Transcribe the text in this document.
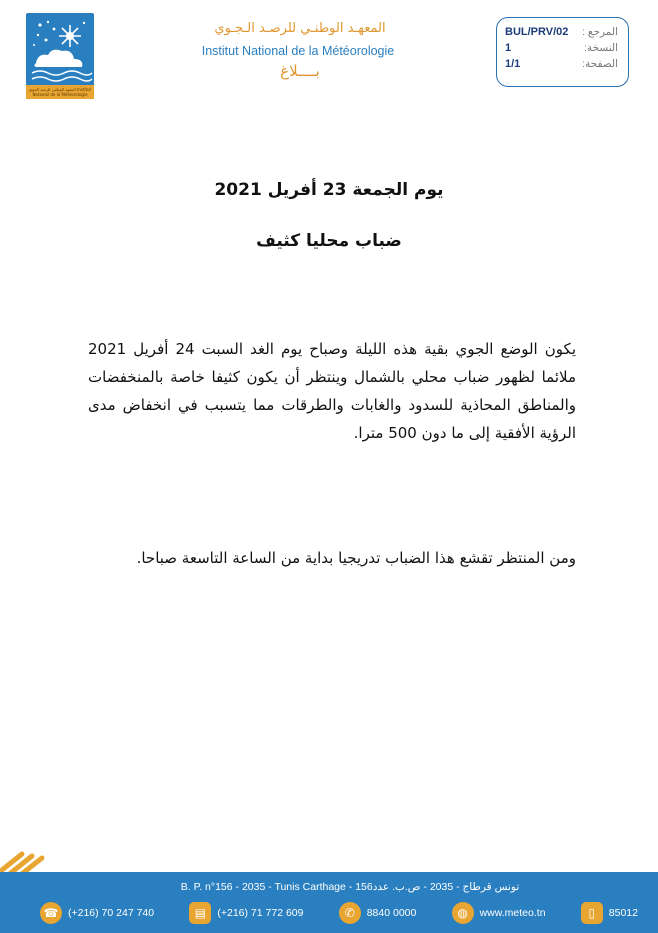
المعهد الوطني للرصد الجوي Institut National de la Météorologie
المعهـد الوطنـي للرصـد الـجـوي
Institut National de la Météorologie
بــــلاغ
BUL/PRV/02 المرجع :
1	النسخة:
1/1	الصفحة:
يوم الجمعة 23 أفريل 2021
ضباب محليا كثيف
يكون الوضع الجوي بقية هذه الليلة وصباح يوم الغد السبت 24 أفريل 2021 ملائما لظهور ضباب محلي بالشمال وينتظر أن يكون كثيفا خاصة بالمنخفضات والمناطق المحاذية للسدود والغابات والطرقات مما يتسبب في انخفاض مدى الرؤية الأفقية إلى ما دون 500 مترا.
ومن المنتظر تقشع هذا الضباب تدريجيا بداية من الساعة التاسعة صباحا.
B. P. n°156 - 2035 - Tunis Carthage - تونس قرطاج - 2035 - ص.ب. عدد156
☎ (+216) 70 247 740	▤	(+216) 71 772 609	✆	8840 0000	◍	www.meteo.tn	▯	85012
